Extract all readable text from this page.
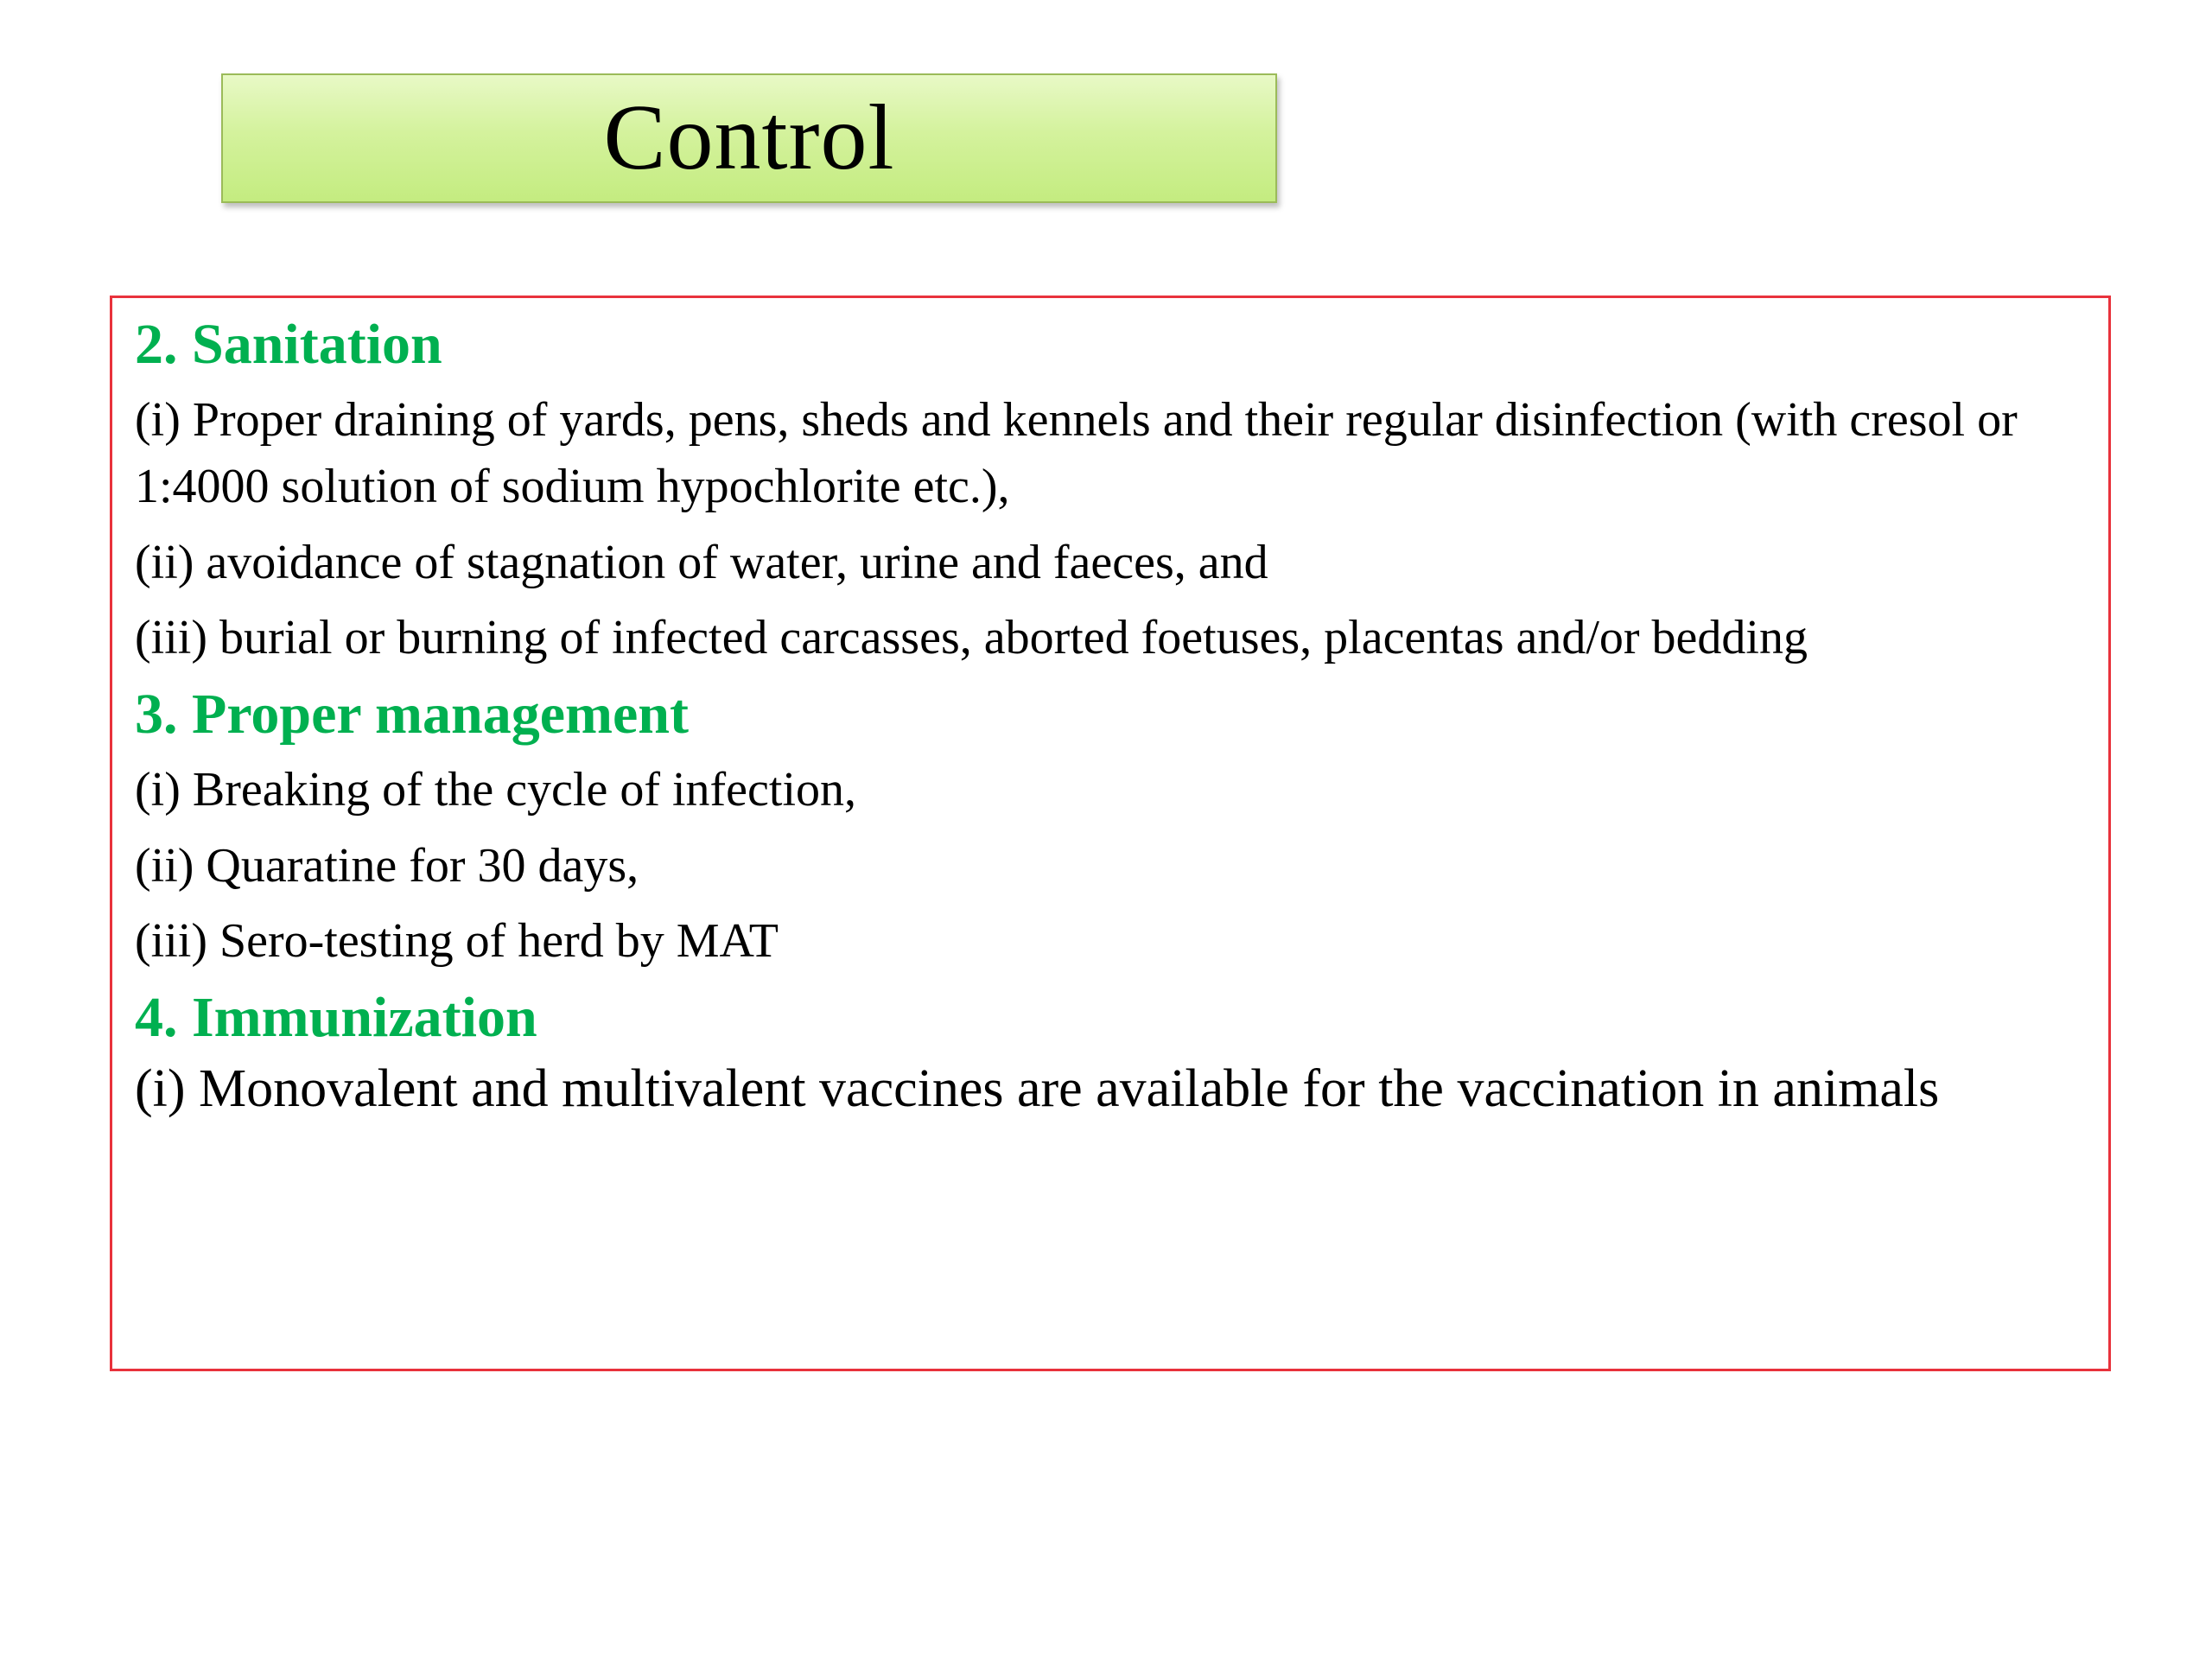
Control

2. Sanitation

(i) Proper draining of yards, pens, sheds and kennels and their regular disinfection (with cresol or 1:4000 solution of sodium hypochlorite etc.),

(ii) avoidance of stagnation of water, urine and faeces, and

(iii) burial or burning of infected carcasses, aborted foetuses, placentas and/or bedding

3. Proper management

(i) Breaking of the cycle of infection,

(ii) Quaratine for 30 days,

(iii) Sero-testing of herd by MAT

4. Immunization

(i) Monovalent and multivalent vaccines are available for the vaccination in animals
